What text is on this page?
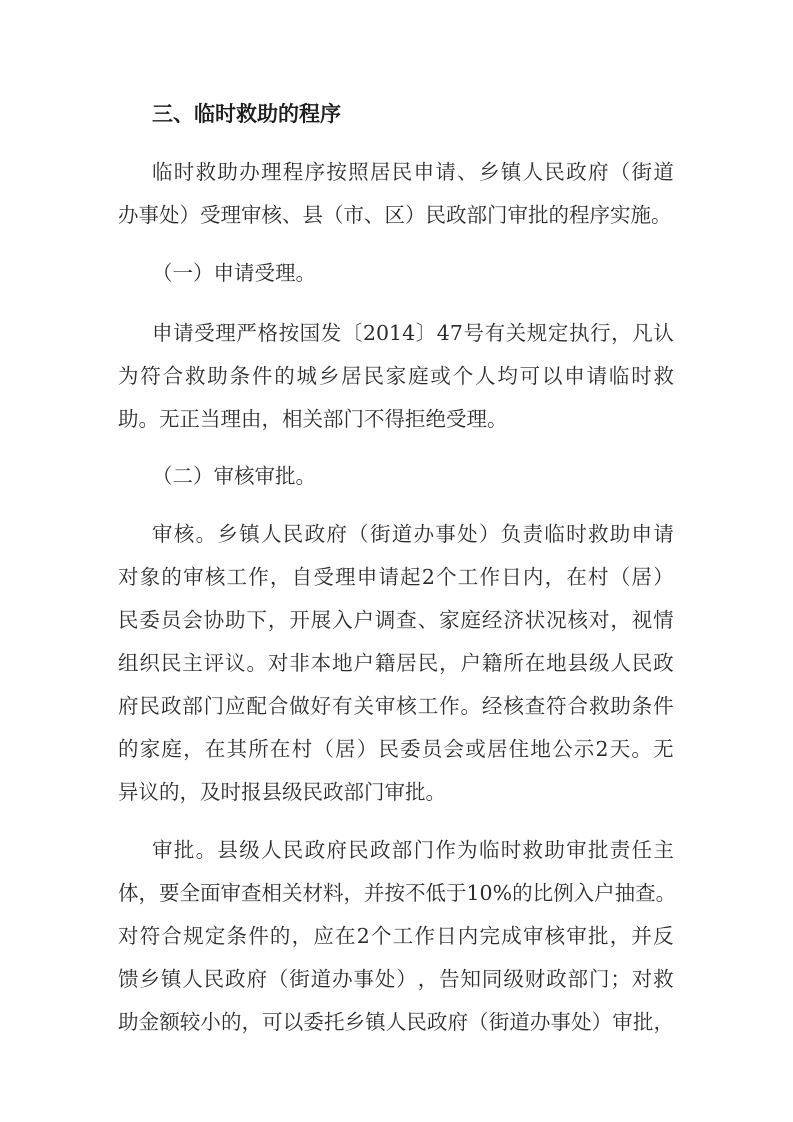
三、临时救助的程序
临 时 救 助 办 理 程 序 按 照 居 民 申 请 、 乡 镇 人 民 政 府 （ 街 道
办事处）受理审核、县（市、区）民政部门审批的程序实施。
（一）申请受理。
申 请 受 理 严 格 按 国 发 〔 2014 〕 47 号 有 关 规 定 执 行 ， 凡 认
为 符 合 救 助 条 件 的 城 乡 居 民 家 庭 或 个 人 均 可 以 申 请 临 时 救
助。无正当理由，相关部门不得拒绝受理。
（二）审核审批。
审 核 。 乡 镇 人 民 政 府 （ 街 道 办 事 处 ） 负 责 临 时 救 助 申 请
对 象 的 审 核 工 作 ， 自 受 理 申 请 起 2 个 工 作 日 内 ， 在 村 （ 居 ）
民 委 员 会 协 助 下 ， 开 展 入 户 调 查 、 家 庭 经 济 状 况 核 对 ， 视 情
组 织 民 主 评 议 。 对 非 本 地 户 籍 居 民 ， 户 籍 所 在 地 县 级 人 民 政
府 民 政 部 门 应 配 合 做 好 有 关 审 核 工 作 。 经 核 查 符 合 救 助 条 件
的 家 庭 ， 在 其 所 在 村 （ 居 ） 民 委 员 会 或 居 住 地 公 示 2 天 。 无
异议的，及时报县级民政部门审批。
审 批 。 县 级 人 民 政 府 民 政 部 门 作 为 临 时 救 助 审 批 责 任 主
体 ， 要 全 面 审 查 相 关 材 料 ， 并 按 不 低 于 10% 的 比 例 入 户 抽 查 。
对 符 合 规 定 条 件 的 ， 应 在 2 个 工 作 日 内 完 成 审 核 审 批 ， 并 反
馈 乡 镇 人 民 政 府 （ 街 道 办 事 处 ） ， 告 知 同 级 财 政 部 门 ； 对 救
助 金 额 较 小 的 ， 可 以 委 托 乡 镇 人 民 政 府 （ 街 道 办 事 处 ） 审 批 ，
